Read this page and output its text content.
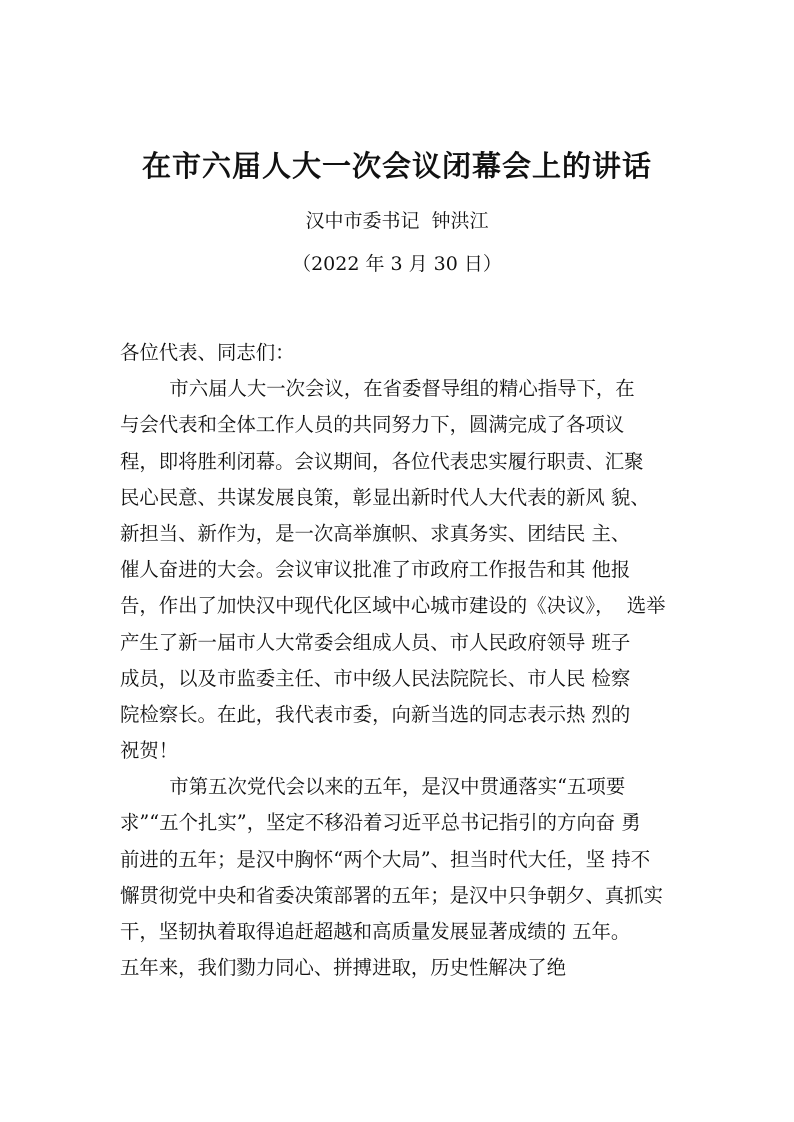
在市六届人大一次会议闭幕会上的讲话
汉中市委书记  钟洪江
（2022 年 3 月 30 日）
各位代表、同志们：
市六届人大一次会议，在省委督导组的精心指导下，在
与会代表和全体工作人员的共同努力下，圆满完成了各项议
程，即将胜利闭幕。会议期间，各位代表忠实履行职责、汇聚
民心民意、共谋发展良策，彰显出新时代人大代表的新风 貌、
新担当、新作为，是一次高举旗帜、求真务实、团结民 主、
催人奋进的大会。会议审议批准了市政府工作报告和其 他报
告，作出了加快汉中现代化区域中心城市建设的《决议》，  选举
产生了新一届市人大常委会组成人员、市人民政府领导 班子
成员，以及市监委主任、市中级人民法院院长、市人民 检察
院检察长。在此，我代表市委，向新当选的同志表示热 烈的
祝贺！
市第五次党代会以来的五年，是汉中贯通落实“五项要
求”“五个扎实”，坚定不移沿着习近平总书记指引的方向奋 勇
前进的五年；是汉中胸怀“两个大局”、担当时代大任，坚 持不
懈贯彻党中央和省委决策部署的五年；是汉中只争朝夕、真抓实
干，坚韧执着取得追赶超越和高质量发展显著成绩的 五年。
五年来，我们勠力同心、拼搏进取，历史性解决了绝
